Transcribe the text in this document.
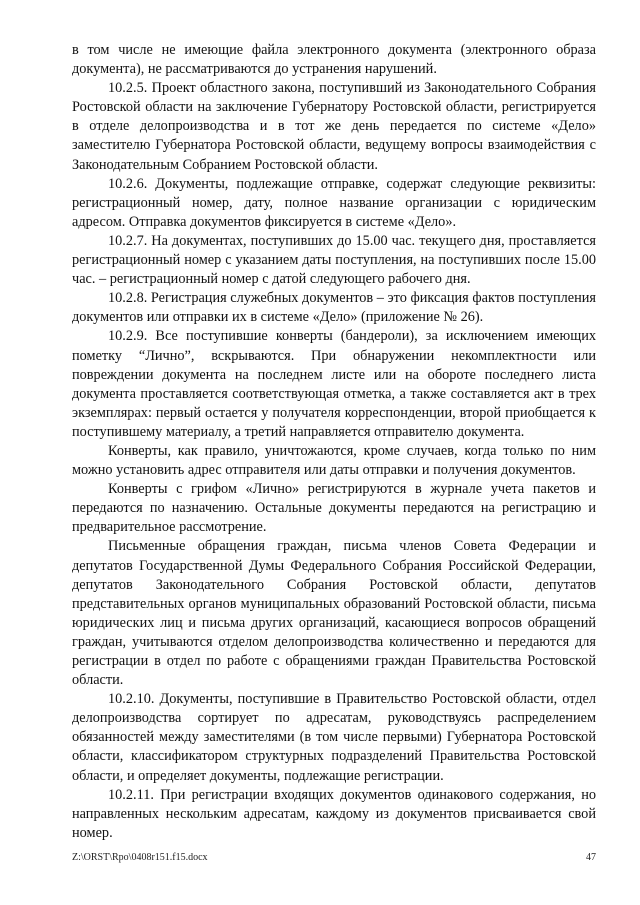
в том числе не имеющие файла электронного документа (электронного образа документа), не рассматриваются до устранения нарушений.

10.2.5. Проект областного закона, поступивший из Законодательного Собрания Ростовской области на заключение Губернатору Ростовской области, регистрируется в отделе делопроизводства и в тот же день передается по системе «Дело» заместителю Губернатора Ростовской области, ведущему вопросы взаимодействия с Законодательным Собранием Ростовской области.

10.2.6. Документы, подлежащие отправке, содержат следующие реквизиты: регистрационный номер, дату, полное название организации с юридическим адресом. Отправка документов фиксируется в системе «Дело».

10.2.7. На документах, поступивших до 15.00 час. текущего дня, проставляется регистрационный номер с указанием даты поступления, на поступивших после 15.00 час. – регистрационный номер с датой следующего рабочего дня.

10.2.8. Регистрация служебных документов – это фиксация фактов поступления документов или отправки их в системе «Дело» (приложение № 26).

10.2.9. Все поступившие конверты (бандероли), за исключением имеющих пометку “Лично”, вскрываются. При обнаружении некомплектности или повреждении документа на последнем листе или на обороте последнего листа документа проставляется соответствующая отметка, а также составляется акт в трех экземплярах: первый остается у получателя корреспонденции, второй приобщается к поступившему материалу, а третий направляется отправителю документа.

Конверты, как правило, уничтожаются, кроме случаев, когда только по ним можно установить адрес отправителя или даты отправки и получения документов.

Конверты с грифом «Лично» регистрируются в журнале учета пакетов и передаются по назначению. Остальные документы передаются на регистрацию и предварительное рассмотрение.

Письменные обращения граждан, письма членов Совета Федерации и депутатов Государственной Думы Федерального Собрания Российской Федерации, депутатов Законодательного Собрания Ростовской области, депутатов представительных органов муниципальных образований Ростовской области, письма юридических лиц и письма других организаций, касающиеся вопросов обращений граждан, учитываются отделом делопроизводства количественно и передаются для регистрации в отдел по работе с обращениями граждан Правительства Ростовской области.

10.2.10. Документы, поступившие в Правительство Ростовской области, отдел делопроизводства сортирует по адресатам, руководствуясь распределением обязанностей между заместителями (в том числе первыми) Губернатора Ростовской области, классификатором структурных подразделений Правительства Ростовской области, и определяет документы, подлежащие регистрации.

10.2.11. При регистрации входящих документов одинакового содержания, но направленных нескольким адресатам, каждому из документов присваивается свой номер.

Z:\ORST\Rpo\0408r151.f15.docx	47
